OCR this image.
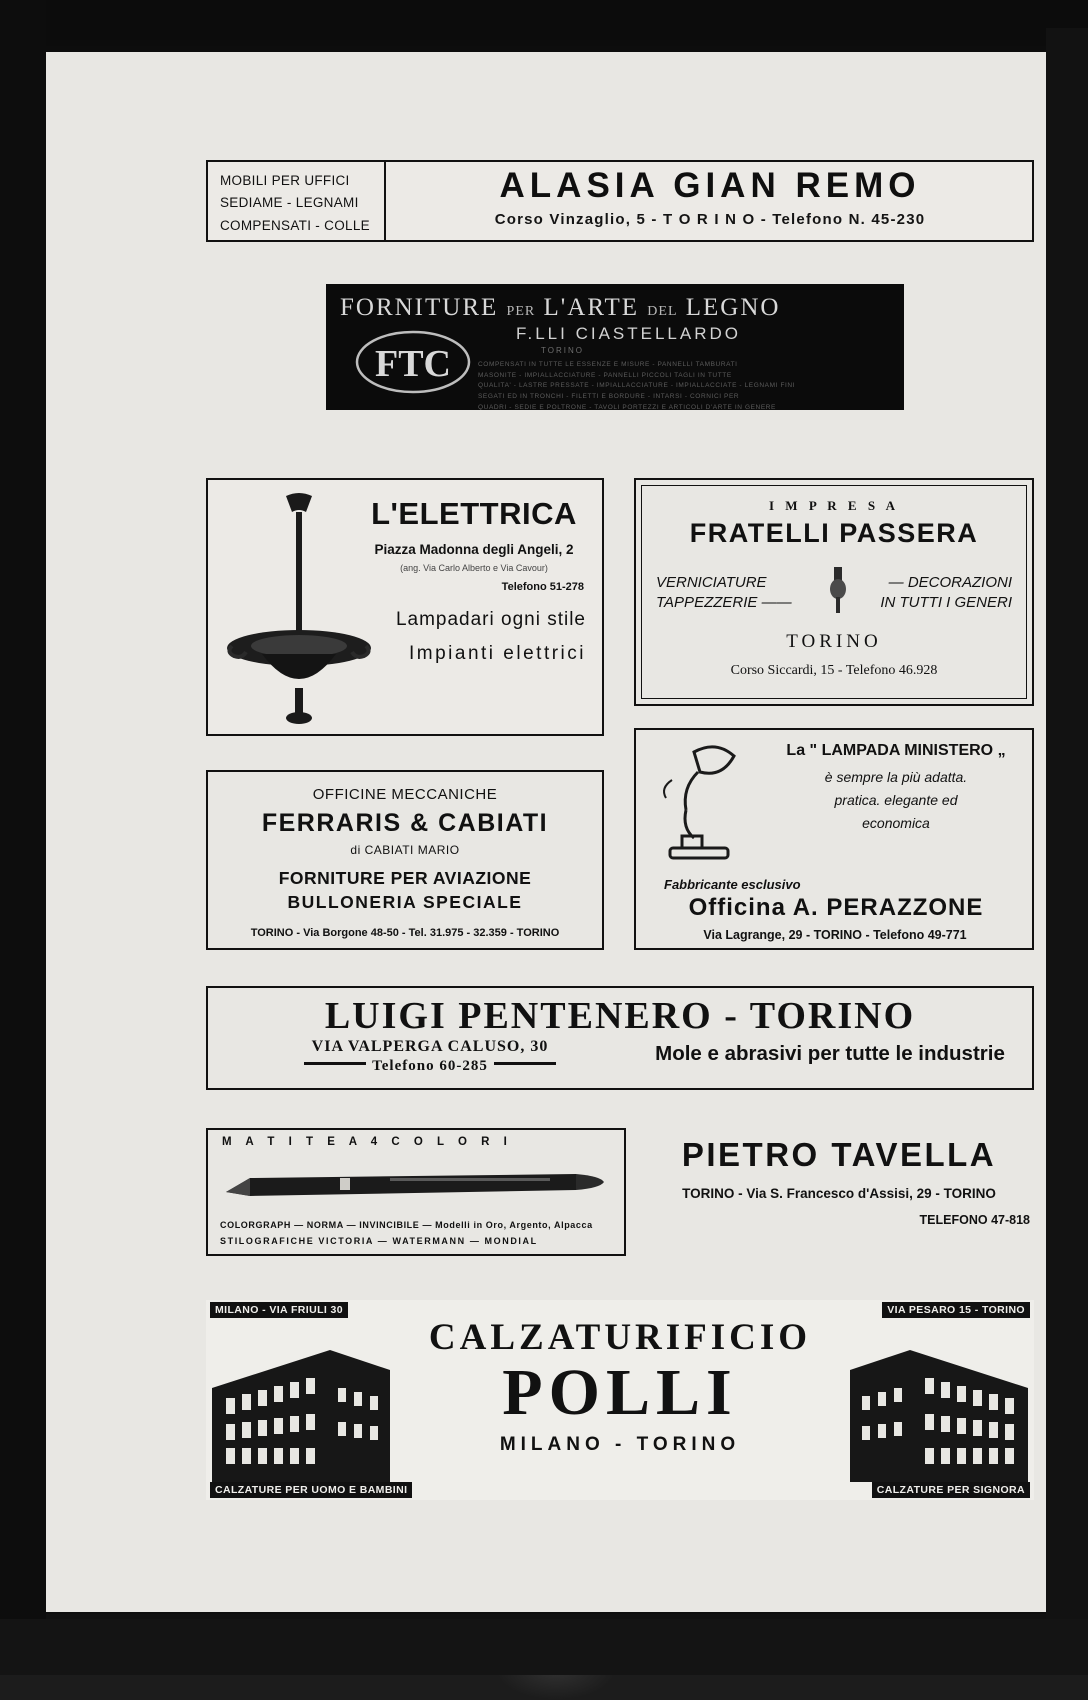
MOBILI PER UFFICI
SEDIAME - LEGNAMI
COMPENSATI - COLLE
ALASIA GIAN REMO
Corso Vinzaglio, 5 - T O R I N O - Telefono N. 45-230
FORNITURE PER L'ARTE DEL LEGNO
F.LLI CIASTELLARDO
TORINO
COMPENSATI IN TUTTE LE ESSENZE E MISURE - PANNELLI TAMBURATI
MASONITE - IMPIALLACCIATURE - PANNELLI PICCOLI TAGLI IN TUTTE
QUALITA' - LASTRE PRESSATE - IMPIALLACCIATURE - IMPIALLACCIATE - LEGNAMI FINI
SEGATI ED IN TRONCHI - FILETTI E BORDURE - INTARSI - CORNICI PER
QUADRI - SEDIE E POLTRONE - TAVOLI PORTEZZI E ARTICOLI D'ARTE IN GENERE
FTC
L'ELETTRICA
Piazza Madonna degli Angeli, 2
(ang. Via Carlo Alberto e Via Cavour)
Telefono 51-278
Lampadari ogni stile
Impianti elettrici
I M P R E S A
FRATELLI PASSERA
VERNICIATURE
TAPPEZZERIE ——
— DECORAZIONI
IN TUTTI I GENERI
TORINO
Corso Siccardi, 15 - Telefono 46.928
La " LAMPADA MINISTERO „
è sempre la più adatta.
pratica. elegante ed
economica
Fabbricante esclusivo
Officina A. PERAZZONE
Via Lagrange, 29 - TORINO - Telefono 49-771
OFFICINE MECCANICHE
FERRARIS & CABIATI
di CABIATI MARIO
FORNITURE PER AVIAZIONE
BULLONERIA SPECIALE
TORINO - Via Borgone 48-50 - Tel. 31.975 - 32.359 - TORINO
LUIGI PENTENERO - TORINO
VIA VALPERGA CALUSO, 30
Telefono 60-285
Mole e abrasivi per tutte le industrie
M A T I T E A 4 C O L O R I
COLORGRAPH — NORMA — INVINCIBILE — Modelli in Oro, Argento, Alpacca
STILOGRAFICHE VICTORIA — WATERMANN — MONDIAL
PIETRO TAVELLA
TORINO - Via S. Francesco d'Assisi, 29 - TORINO
TELEFONO 47-818
MILANO - VIA FRIULI 30	VIA PESARO 15 - TORINO
CALZATURE PER UOMO E BAMBINI	CALZATURE PER SIGNORA
CALZATURIFICIO
POLLI
MILANO - TORINO
